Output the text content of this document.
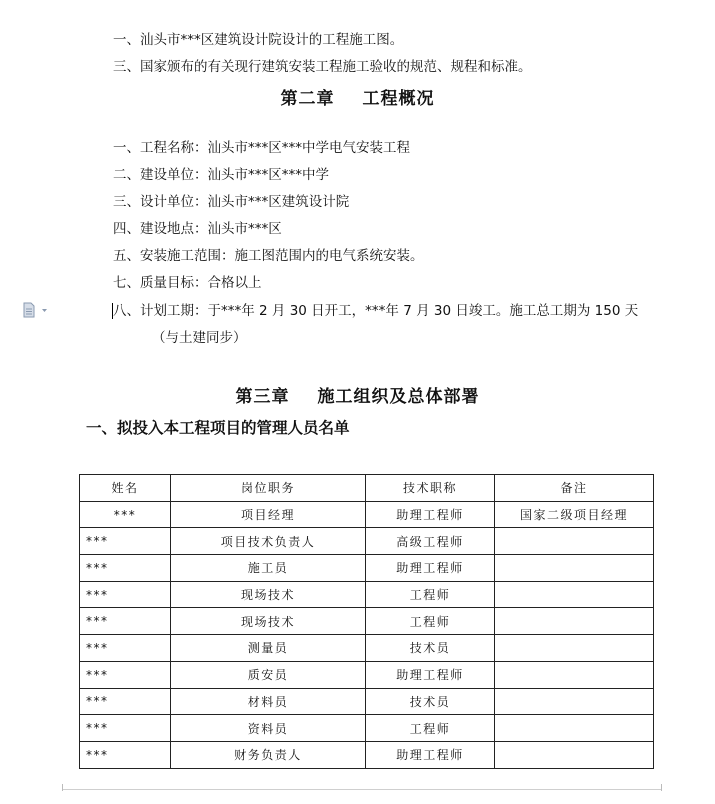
一、汕头市***区建筑设计院设计的工程施工图。
三、国家颁布的有关现行建筑安装工程施工验收的规范、规程和标准。
第二章 工程概况
一、工程名称：汕头市***区***中学电气安装工程
二、建设单位：汕头市***区***中学
三、设计单位：汕头市***区建筑设计院
四、建设地点：汕头市***区
五、安装施工范围：施工图范围内的电气系统安装。
七、质量目标：合格以上
八、计划工期：于***年 2 月 30 日开工，***年 7 月 30 日竣工。施工总工期为 150 天
（与土建同步）
第三章 施工组织及总体部署
一、拟投入本工程项目的管理人员名单
姓名	岗位职务	技术职称	备注
***	项目经理	助理工程师	国家二级项目经理
***	项目技术负责人	高级工程师	
***	施工员	助理工程师	
***	现场技术	工程师	
***	现场技术	工程师	
***	测量员	技术员	
***	质安员	助理工程师	
***	材料员	技术员	
***	资料员	工程师	
***	财务负责人	助理工程师	
